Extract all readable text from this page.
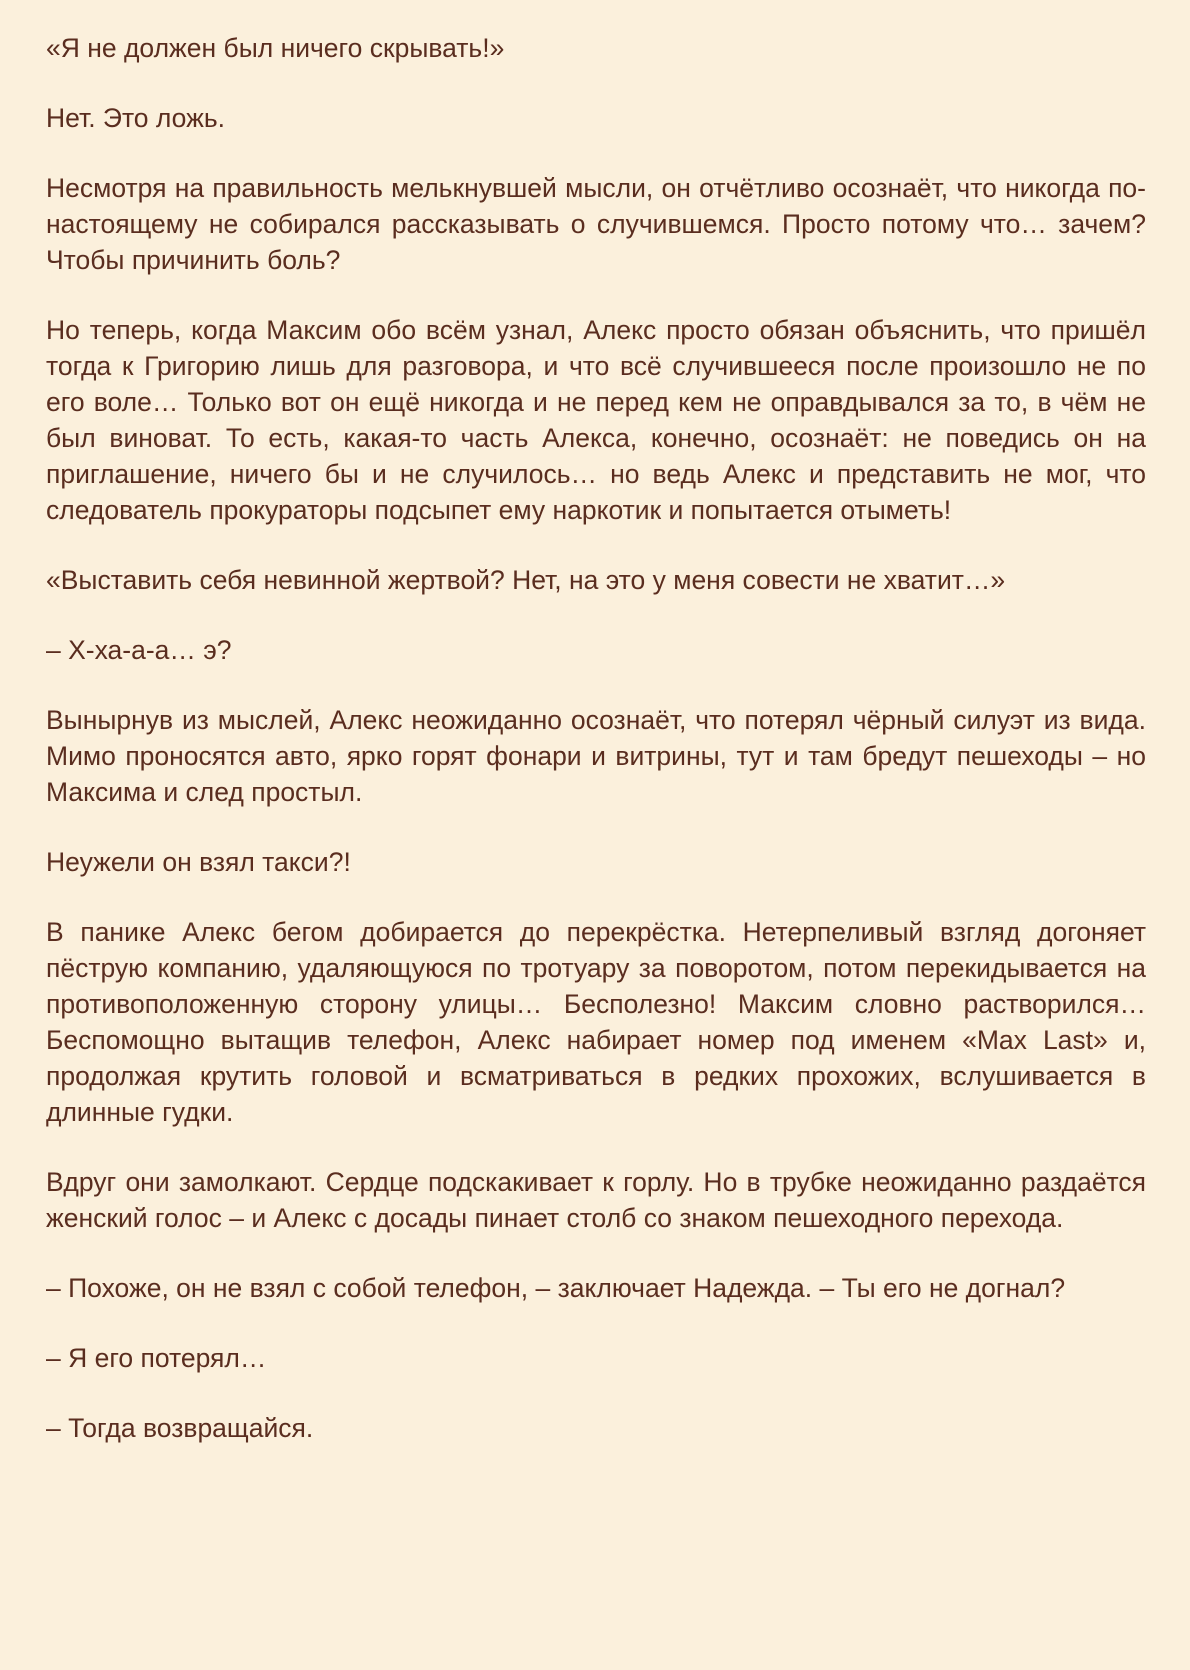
«Я не должен был ничего скрывать!»

Нет. Это ложь.

Несмотря на правильность мелькнувшей мысли, он отчётливо осознаёт, что никогда по-настоящему не собирался рассказывать о случившемся. Просто потому что… зачем? Чтобы причинить боль?

Но теперь, когда Максим обо всём узнал, Алекс просто обязан объяснить, что пришёл тогда к Григорию лишь для разговора, и что всё случившееся после произошло не по его воле… Только вот он ещё никогда и не перед кем не оправдывался за то, в чём не был виноват. То есть, какая-то часть Алекса, конечно, осознаёт: не поведись он на приглашение, ничего бы и не случилось… но ведь Алекс и представить не мог, что следователь прокураторы подсыпет ему наркотик и попытается отыметь!

«Выставить себя невинной жертвой? Нет, на это у меня совести не хватит…»

– Х-ха-а-а… э?

Вынырнув из мыслей, Алекс неожиданно осознаёт, что потерял чёрный силуэт из вида. Мимо проносятся авто, ярко горят фонари и витрины, тут и там бредут пешеходы – но Максима и след простыл.

Неужели он взял такси?!

В панике Алекс бегом добирается до перекрёстка. Нетерпеливый взгляд догоняет пёструю компанию, удаляющуюся по тротуару за поворотом, потом перекидывается на противоположенную сторону улицы… Бесполезно! Максим словно растворился… Беспомощно вытащив телефон, Алекс набирает номер под именем «Max Last» и, продолжая крутить головой и всматриваться в редких прохожих, вслушивается в длинные гудки.

Вдруг они замолкают. Сердце подскакивает к горлу. Но в трубке неожиданно раздаётся женский голос – и Алекс с досады пинает столб со знаком пешеходного перехода.

– Похоже, он не взял с собой телефон, – заключает Надежда. – Ты его не догнал?

– Я его потерял…

– Тогда возвращайся.
